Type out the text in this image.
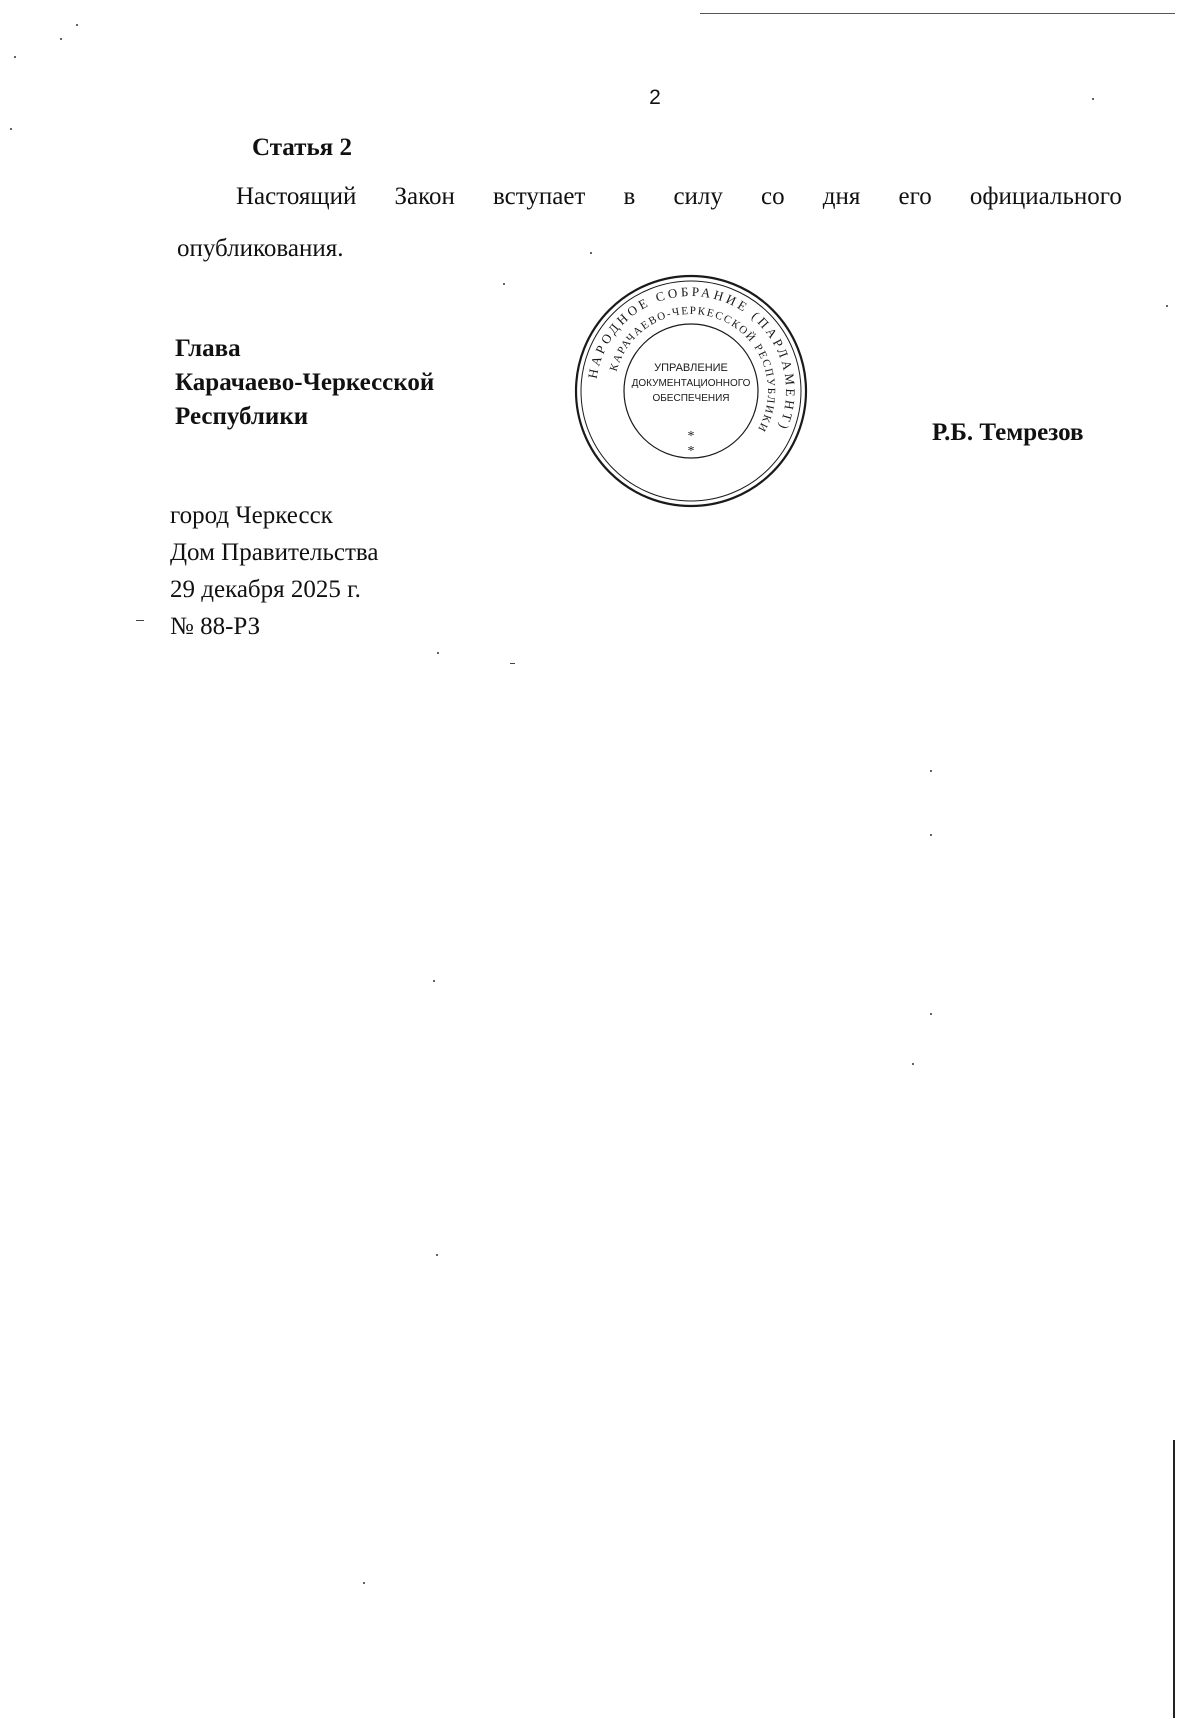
2
Статья 2
Настоящий Закон вступает в силу со дня его официального
опубликования.
Глава
Карачаево-Черкесской
Республики
НАРОДНОЕ СОБРАНИЕ (ПАРЛАМЕНТ)
КАРАЧАЕВО-ЧЕРКЕССКОЙ РЕСПУБЛИКИ
УПРАВЛЕНИЕ
ДОКУМЕНТАЦИОННОГО
ОБЕСПЕЧЕНИЯ
*
*
Р.Б. Темрезов
город Черкесск
Дом Правительства
29 декабря 2025 г.
№ 88-РЗ
